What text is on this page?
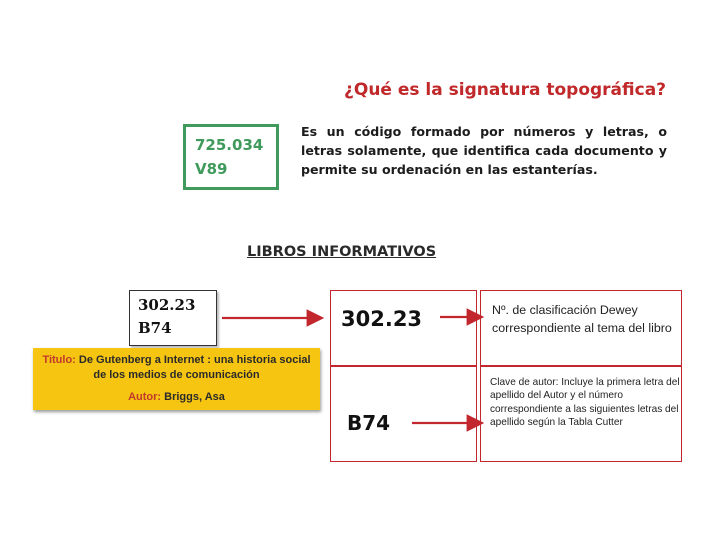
¿Qué es la signatura topográfica?
725.034
V89
Es un código formado por números y letras, o letras solamente, que identifica cada documento y permite su ordenación en las estanterías.
LIBROS INFORMATIVOS
302.23
B74
Titulo: De Gutenberg a Internet : una historia social de los medios de comunicación
Autor: Briggs, Asa
302.23
B74
Nº. de clasificación Dewey correspondiente al tema del libro
Clave de autor: Incluye la primera letra del apellido del Autor y el número correspondiente a las siguientes letras del apellido según la Tabla Cutter
